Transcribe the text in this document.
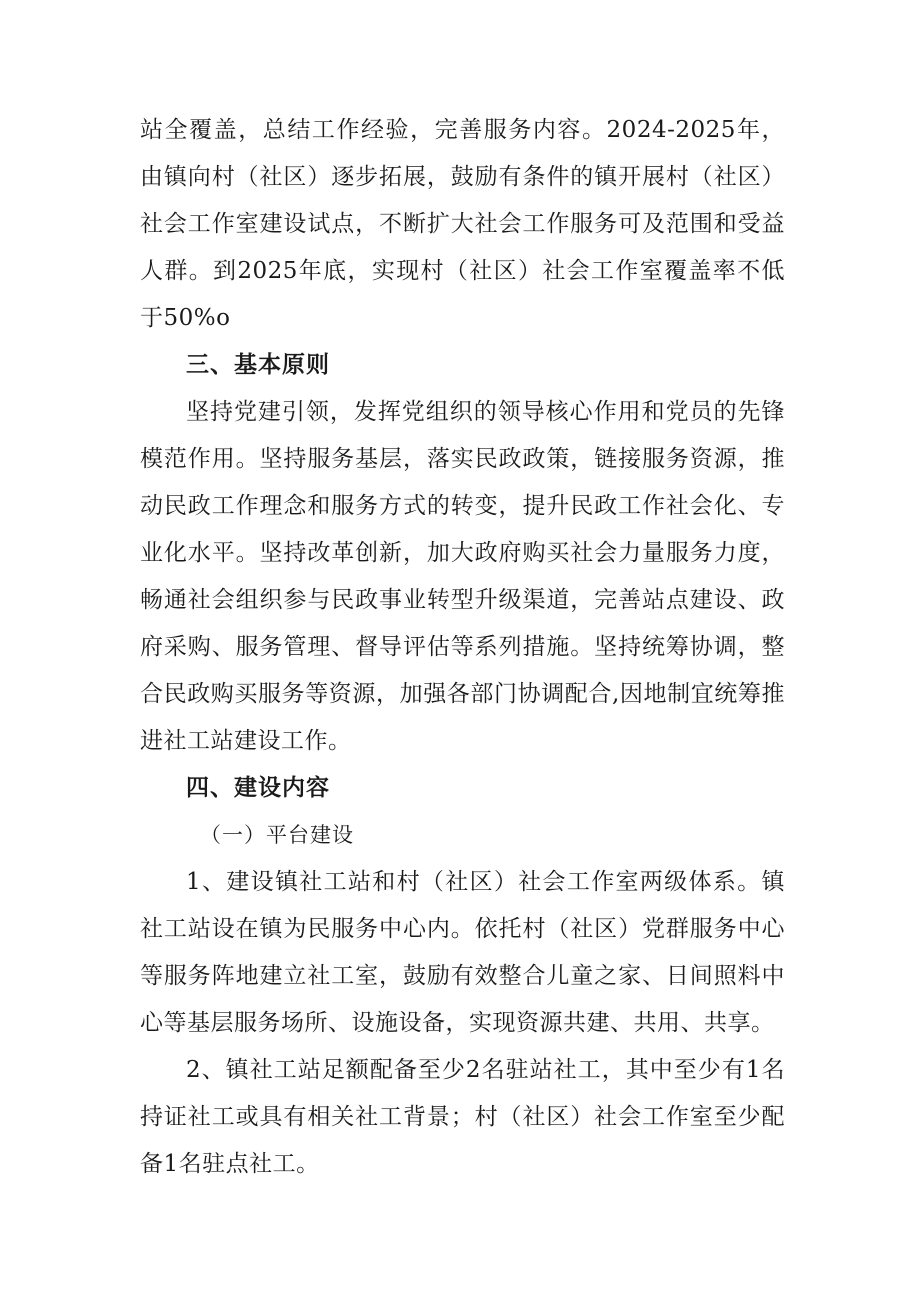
站全覆盖，总结工作经验，完善服务内容。2024-2025年，由镇向村（社区）逐步拓展，鼓励有条件的镇开展村（社区）社会工作室建设试点，不断扩大社会工作服务可及范围和受益人群。到2025年底，实现村（社区）社会工作室覆盖率不低于50%o

三、基本原则

坚持党建引领，发挥党组织的领导核心作用和党员的先锋模范作用。坚持服务基层，落实民政政策，链接服务资源，推动民政工作理念和服务方式的转变，提升民政工作社会化、专业化水平。坚持改革创新，加大政府购买社会力量服务力度，畅通社会组织参与民政事业转型升级渠道，完善站点建设、政府采购、服务管理、督导评估等系列措施。坚持统筹协调，整合民政购买服务等资源，加强各部门协调配合,因地制宜统筹推进社工站建设工作。

四、建设内容

（一）平台建设

1、建设镇社工站和村（社区）社会工作室两级体系。镇社工站设在镇为民服务中心内。依托村（社区）党群服务中心等服务阵地建立社工室，鼓励有效整合儿童之家、日间照料中心等基层服务场所、设施设备，实现资源共建、共用、共享。

2、镇社工站足额配备至少2名驻站社工，其中至少有1名持证社工或具有相关社工背景；村（社区）社会工作室至少配备1名驻点社工。
